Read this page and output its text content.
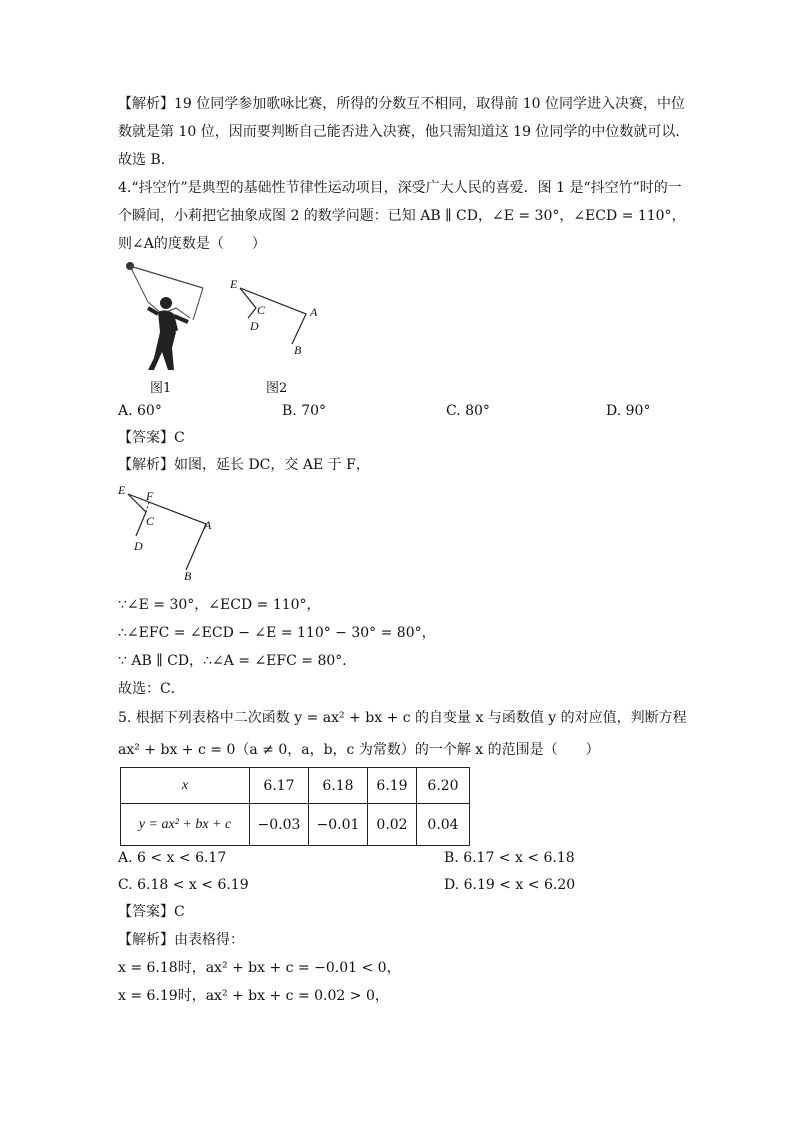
【解析】19 位同学参加歌咏比赛，所得的分数互不相同，取得前 10 位同学进入决赛，中位
数就是第 10 位，因而要判断自己能否进入决赛，他只需知道这 19 位同学的中位数就可以．
故选 B．
4.“抖空竹”是典型的基础性节律性运动项目，深受广大人民的喜爱．图 1 是“抖空竹”时的一
个瞬间，小莉把它抽象成图 2 的数学问题：已知 AB ∥ CD，∠E = 30°，∠ECD = 110°，
则∠A的度数是（　　）
图1
E
C
D
A
B
图2
A. 60°	B. 70°	C. 80°	D. 90°
【答案】C
【解析】如图，延长 DC，交 AE 于 F，
E F
C
D
A
B
∵∠E = 30°，∠ECD = 110°，
∴∠EFC = ∠ECD − ∠E = 110° − 30° = 80°，
∵ AB ∥ CD，∴∠A = ∠EFC = 80°．
故选：C．
5. 根据下列表格中二次函数 y = ax² + bx + c 的自变量 x 与函数值 y 的对应值，判断方程
ax² + bx + c = 0（a ≠ 0，a，b，c 为常数）的一个解 x 的范围是（　　）
x	6.17	6.18	6.19	6.20
y = ax² + bx + c	−0.03	−0.01	0.02	0.04
A. 6 < x < 6.17	B. 6.17 < x < 6.18
C. 6.18 < x < 6.19	D. 6.19 < x < 6.20
【答案】C
【解析】由表格得：
x = 6.18时，ax² + bx + c = −0.01 < 0，
x = 6.19时，ax² + bx + c = 0.02 > 0，
